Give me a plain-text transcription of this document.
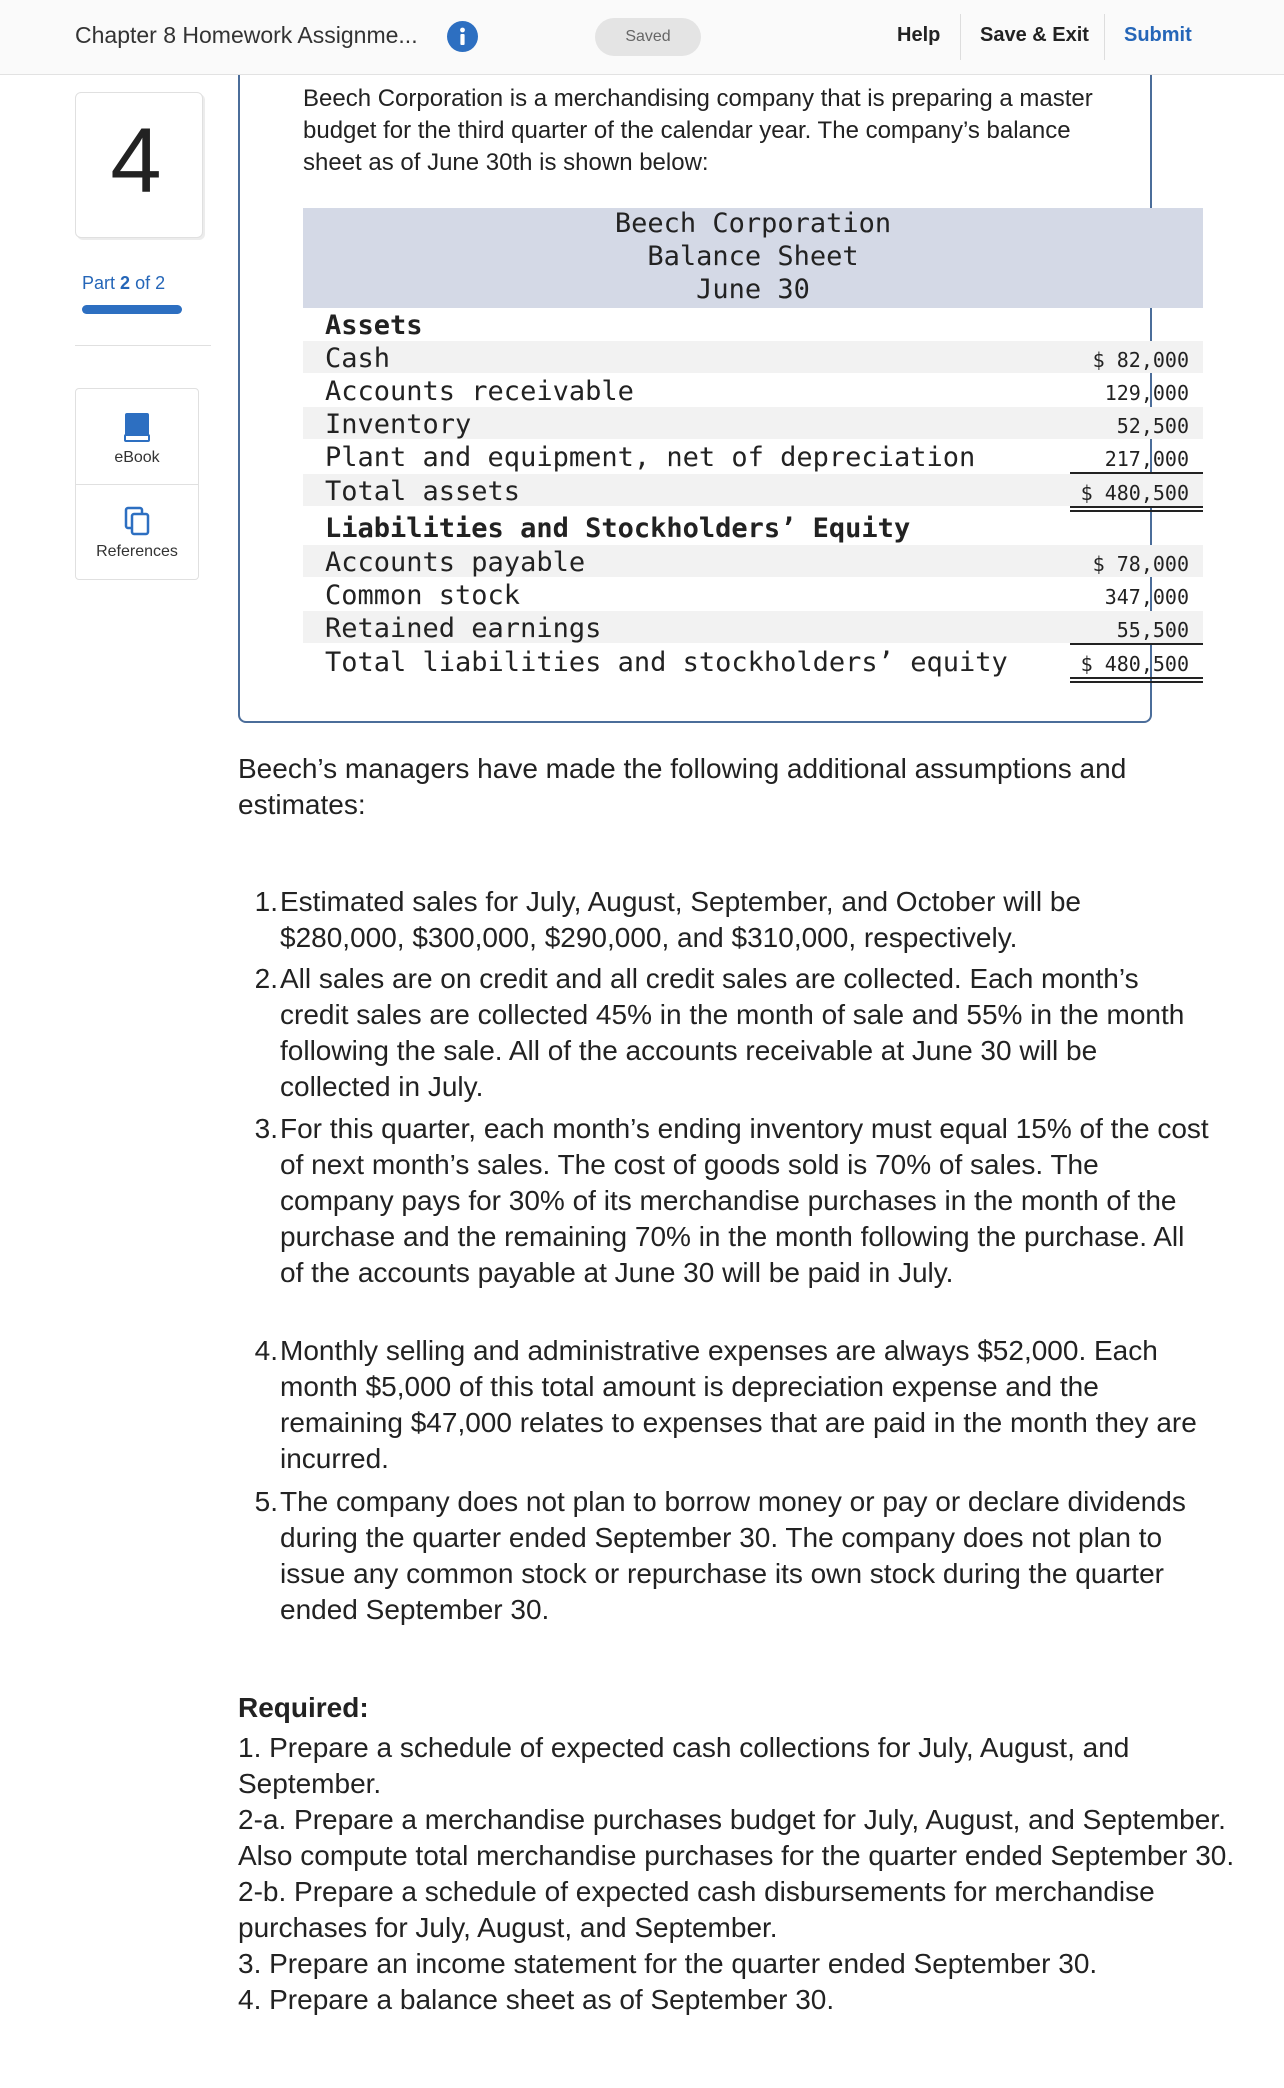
Chapter 8 Homework Assignme...	Saved	Help Save & Exit Submit
4
Part 2 of 2
eBook
References
Beech Corporation is a merchandising company that is preparing a master budget for the third quarter of the calendar year. The company’s balance sheet as of June 30th is shown below:
Beech Corporation
Balance Sheet
June 30
Assets
Cash	$ 82,000
Accounts receivable	129,000
Inventory	52,500
Plant and equipment, net of depreciation	217,000
Total assets	$ 480,500
Liabilities and Stockholders’ Equity
Accounts payable	$ 78,000
Common stock	347,000
Retained earnings	55,500
Total liabilities and stockholders’ equity	$ 480,500
Beech’s managers have made the following additional assumptions and estimates:
1. Estimated sales for July, August, September, and October will be $280,000, $300,000, $290,000, and $310,000, respectively.
2. All sales are on credit and all credit sales are collected. Each month’s credit sales are collected 45% in the month of sale and 55% in the month following the sale. All of the accounts receivable at June 30 will be collected in July.
3. For this quarter, each month’s ending inventory must equal 15% of the cost of next month’s sales. The cost of goods sold is 70% of sales. The company pays for 30% of its merchandise purchases in the month of the purchase and the remaining 70% in the month following the purchase. All of the accounts payable at June 30 will be paid in July.
4. Monthly selling and administrative expenses are always $52,000. Each month $5,000 of this total amount is depreciation expense and the remaining $47,000 relates to expenses that are paid in the month they are incurred.
5. The company does not plan to borrow money or pay or declare dividends during the quarter ended September 30. The company does not plan to issue any common stock or repurchase its own stock during the quarter ended September 30.
Required:
1. Prepare a schedule of expected cash collections for July, August, and September.
2-a. Prepare a merchandise purchases budget for July, August, and September. Also compute total merchandise purchases for the quarter ended September 30.
2-b. Prepare a schedule of expected cash disbursements for merchandise purchases for July, August, and September.
3. Prepare an income statement for the quarter ended September 30.
4. Prepare a balance sheet as of September 30.
